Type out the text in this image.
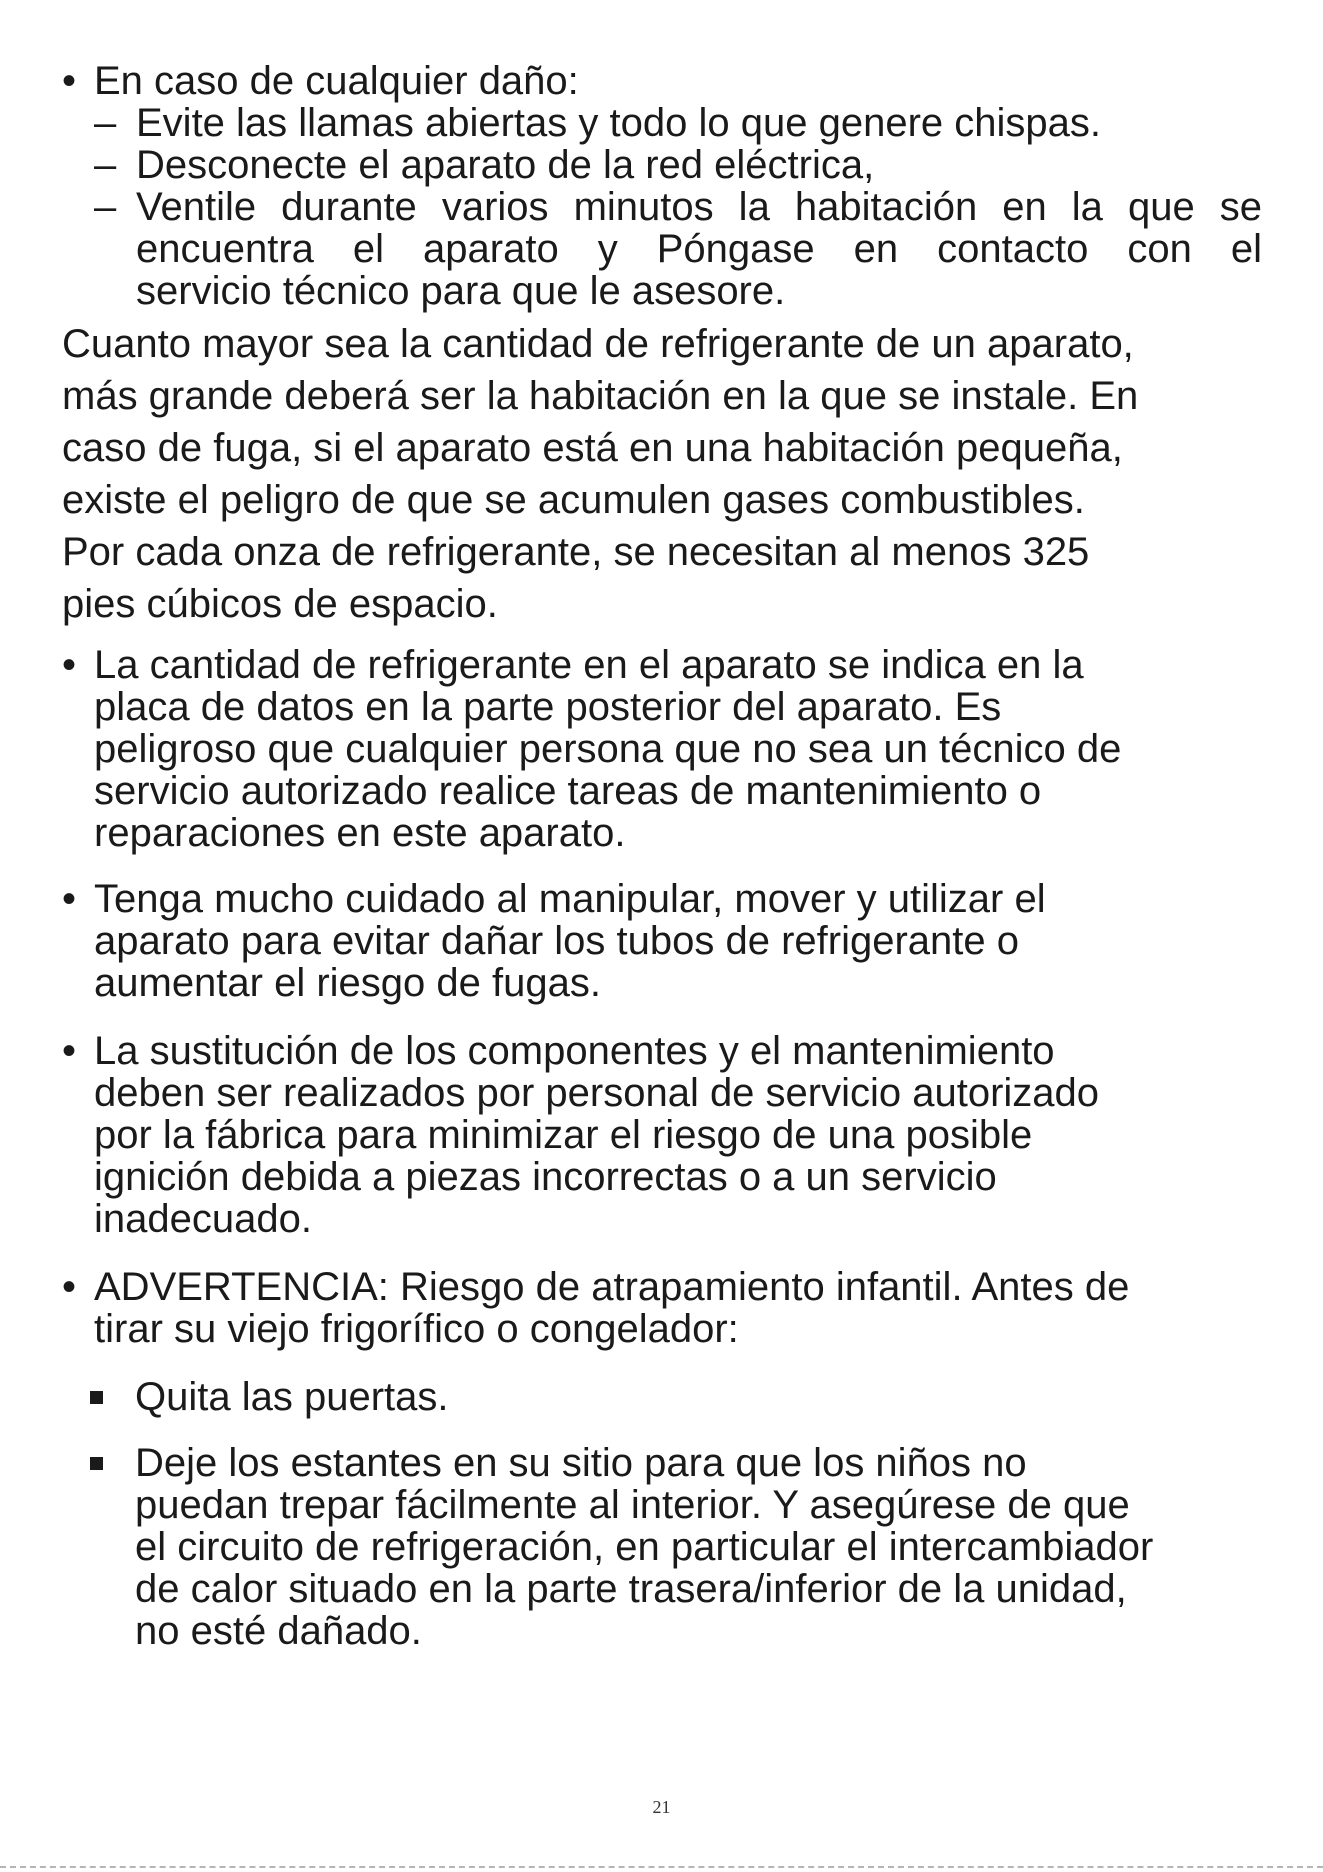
• En caso de cualquier daño:
– Evite las llamas abiertas y todo lo que genere chispas.
– Desconecte el aparato de la red eléctrica,
– Ventile durante varios minutos la habitación en la que se
encuentra el aparato y Póngase en contacto con el
servicio técnico para que le asesore.
Cuanto mayor sea la cantidad de refrigerante de un aparato,
más grande deberá ser la habitación en la que se instale. En
caso de fuga, si el aparato está en una habitación pequeña,
existe el peligro de que se acumulen gases combustibles.
Por cada onza de refrigerante, se necesitan al menos 325
pies cúbicos de espacio.
• La cantidad de refrigerante en el aparato se indica en la
placa de datos en la parte posterior del aparato. Es
peligroso que cualquier persona que no sea un técnico de
servicio autorizado realice tareas de mantenimiento o
reparaciones en este aparato.
• Tenga mucho cuidado al manipular, mover y utilizar el
aparato para evitar dañar los tubos de refrigerante o
aumentar el riesgo de fugas.
• La sustitución de los componentes y el mantenimiento
deben ser realizados por personal de servicio autorizado
por la fábrica para minimizar el riesgo de una posible
ignición debida a piezas incorrectas o a un servicio
inadecuado.
• ADVERTENCIA: Riesgo de atrapamiento infantil. Antes de
tirar su viejo frigorífico o congelador:
Quita las puertas.
Deje los estantes en su sitio para que los niños no
puedan trepar fácilmente al interior. Y asegúrese de que
el circuito de refrigeración, en particular el intercambiador
de calor situado en la parte trasera/inferior de la unidad,
no esté dañado.
21
